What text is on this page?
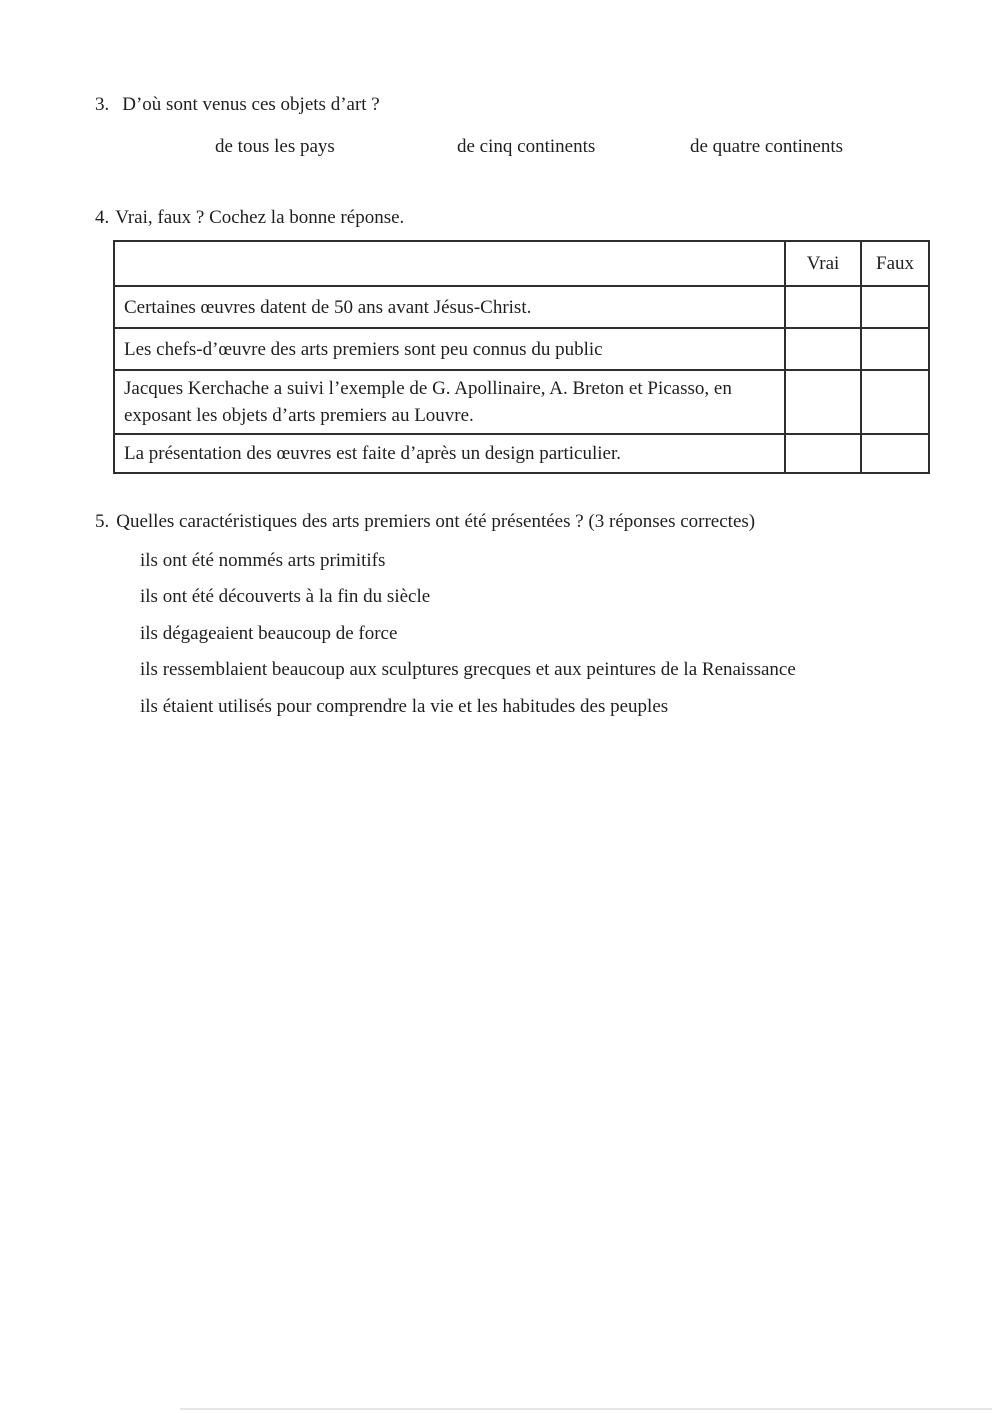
3. D’où sont venus ces objets d’art ?
de tous les pays	de cinq continents	de quatre continents
4. Vrai, faux ? Cochez la bonne réponse.
	Vrai	Faux
Certaines œuvres datent de 50 ans avant Jésus-Christ.		
Les chefs-d’œuvre des arts premiers sont peu connus du public		
Jacques Kerchache a suivi l’exemple de G. Apollinaire, A. Breton et Picasso, en exposant les objets d’arts premiers au Louvre.		
La présentation des œuvres est faite d’après un design particulier.		
5. Quelles caractéristiques des arts premiers ont été présentées ? (3 réponses correctes)
ils ont été nommés arts primitifs
ils ont été découverts à la fin du siècle
ils dégageaient beaucoup de force
ils ressemblaient beaucoup aux sculptures grecques et aux peintures de la Renaissance
ils étaient utilisés pour comprendre la vie et les habitudes des peuples
